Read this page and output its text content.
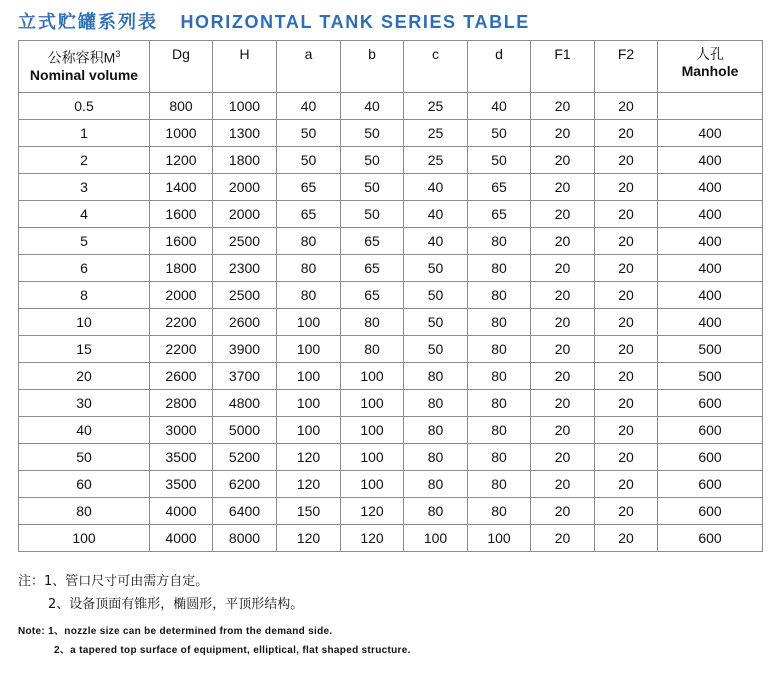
立式贮罐系列表 HORIZONTAL TANK SERIES TABLE
公称容积$M^3$
Nominal volume	Dg	H	a	b	c	d	F1	F2	人孔
Manhole
0.5	800	1000	40	40	25	40	20	20	
1	1000	1300	50	50	25	50	20	20	400
2	1200	1800	50	50	25	50	20	20	400
3	1400	2000	65	50	40	65	20	20	400
4	1600	2000	65	50	40	65	20	20	400
5	1600	2500	80	65	40	80	20	20	400
6	1800	2300	80	65	50	80	20	20	400
8	2000	2500	80	65	50	80	20	20	400
10	2200	2600	100	80	50	80	20	20	400
15	2200	3900	100	80	50	80	20	20	500
20	2600	3700	100	100	80	80	20	20	500
30	2800	4800	100	100	80	80	20	20	600
40	3000	5000	100	100	80	80	20	20	600
50	3500	5200	120	100	80	80	20	20	600
60	3500	6200	120	100	80	80	20	20	600
80	4000	6400	150	120	80	80	20	20	600
100	4000	8000	120	120	100	100	20	20	600
注：1、管口尺寸可由需方自定。
2、设备顶面有锥形，椭圆形，平顶形结构。
Note: 1、nozzle size can be determined from the demand side.
2、a tapered top surface of equipment, elliptical, flat shaped structure.
